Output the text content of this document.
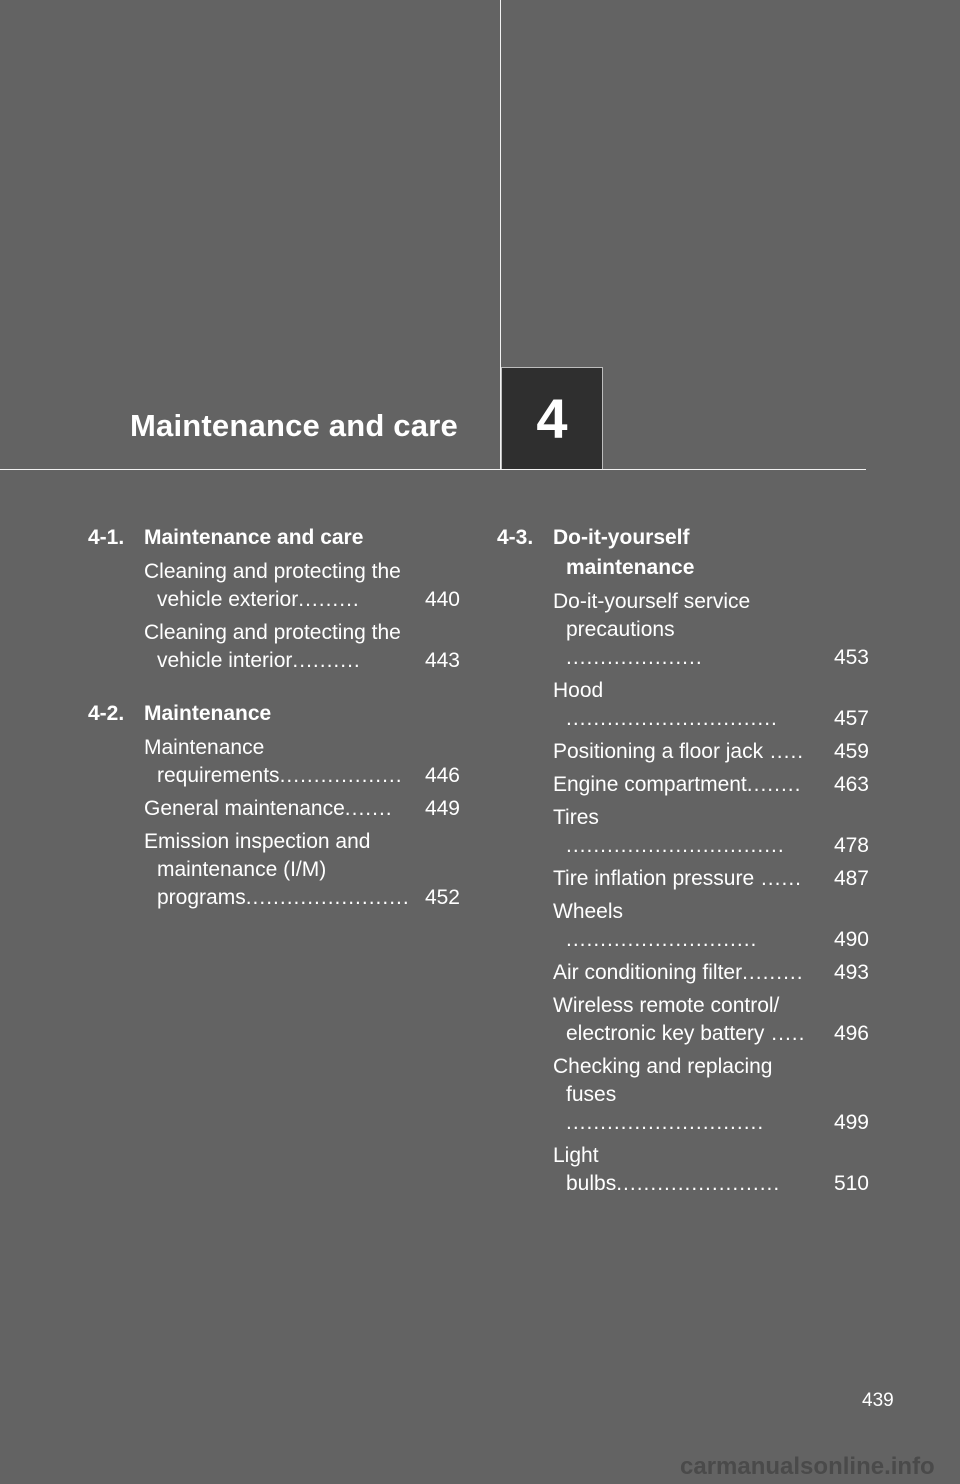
Maintenance and care	4
4-1. Maintenance and care
Cleaning and protecting the vehicle exterior.........	440
Cleaning and protecting the vehicle interior..........	443
4-2. Maintenance
Maintenance requirements..................	446
General maintenance.......	449
Emission inspection and maintenance (I/M) programs........................ 452
4-3. Do-it-yourself maintenance
Do-it-yourself service precautions ....................	453
Hood ...............................	457
Positioning a floor jack .....	459
Engine compartment........	463
Tires ................................	478
Tire inflation pressure ......	487
Wheels ............................	490
Air conditioning filter.........	493
Wireless remote control/ electronic key battery .....	496
Checking and replacing fuses .............................	499
Light bulbs........................	510
439
carmanualsonline.info
